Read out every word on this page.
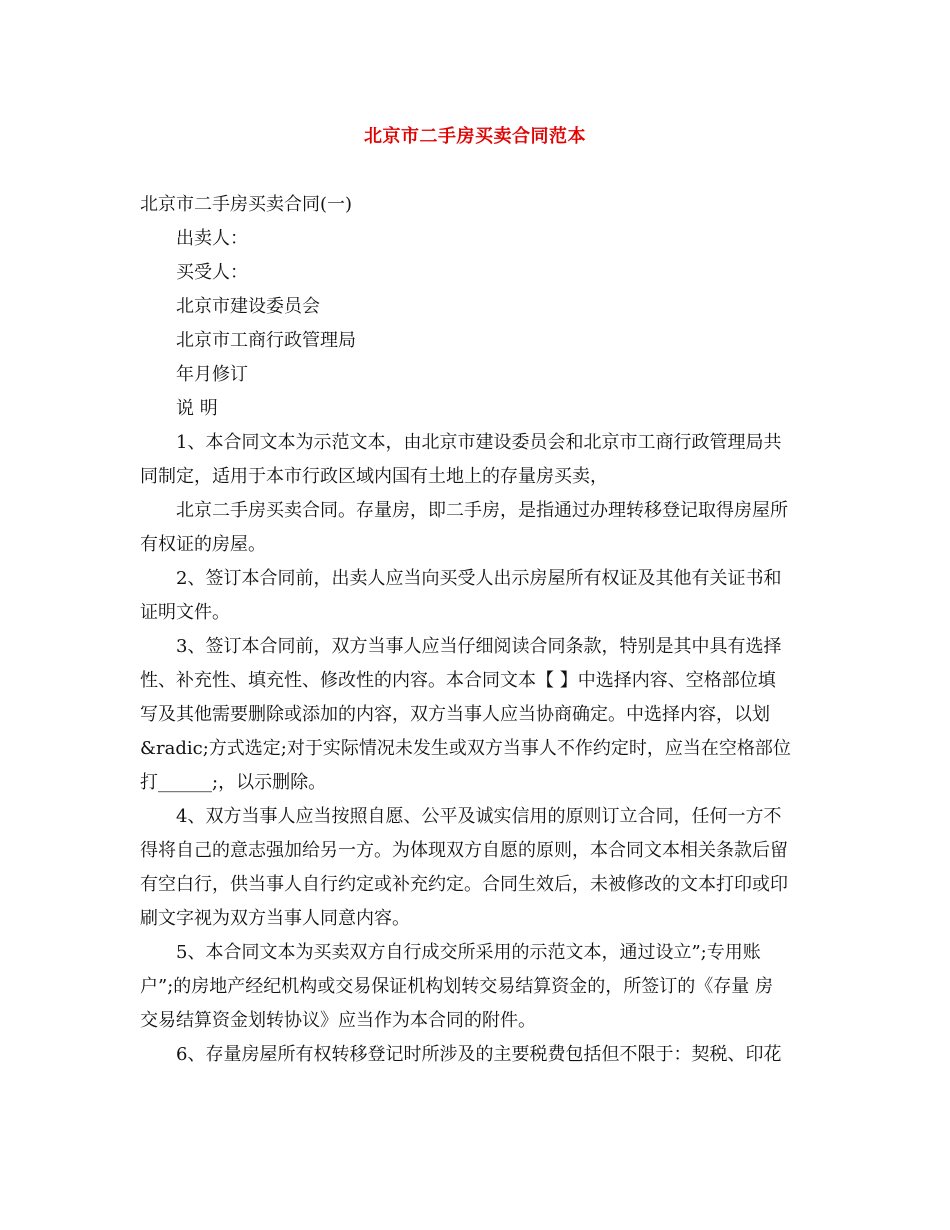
北京市二手房买卖合同范本
北京市二手房买卖合同(一)
出卖人：
买受人：
北京市建设委员会
北京市工商行政管理局
年月修订
说 明
1、本合同文本为示范文本，由北京市建设委员会和北京市工商行政管理局共
同制定，适用于本市行政区域内国有土地上的存量房买卖，
北京二手房买卖合同。存量房，即二手房，是指通过办理转移登记取得房屋所
有权证的房屋。
2、签订本合同前，出卖人应当向买受人出示房屋所有权证及其他有关证书和
证明文件。
3、签订本合同前，双方当事人应当仔细阅读合同条款，特别是其中具有选择
性、补充性、填充性、修改性的内容。本合同文本【 】中选择内容、空格部位填
写及其他需要删除或添加的内容，双方当事人应当协商确定。中选择内容，以划
&radic;方式选定;对于实际情况未发生或双方当事人不作约定时，应当在空格部位
打______;，以示删除。
4、双方当事人应当按照自愿、公平及诚实信用的原则订立合同，任何一方不
得将自己的意志强加给另一方。为体现双方自愿的原则，本合同文本相关条款后留
有空白行，供当事人自行约定或补充约定。合同生效后，未被修改的文本打印或印
刷文字视为双方当事人同意内容。
5、本合同文本为买卖双方自行成交所采用的示范文本，通过设立”;专用账
户”;的房地产经纪机构或交易保证机构划转交易结算资金的，所签订的《存量 房
交易结算资金划转协议》应当作为本合同的附件。
6、存量房屋所有权转移登记时所涉及的主要税费包括但不限于：契税、印花
